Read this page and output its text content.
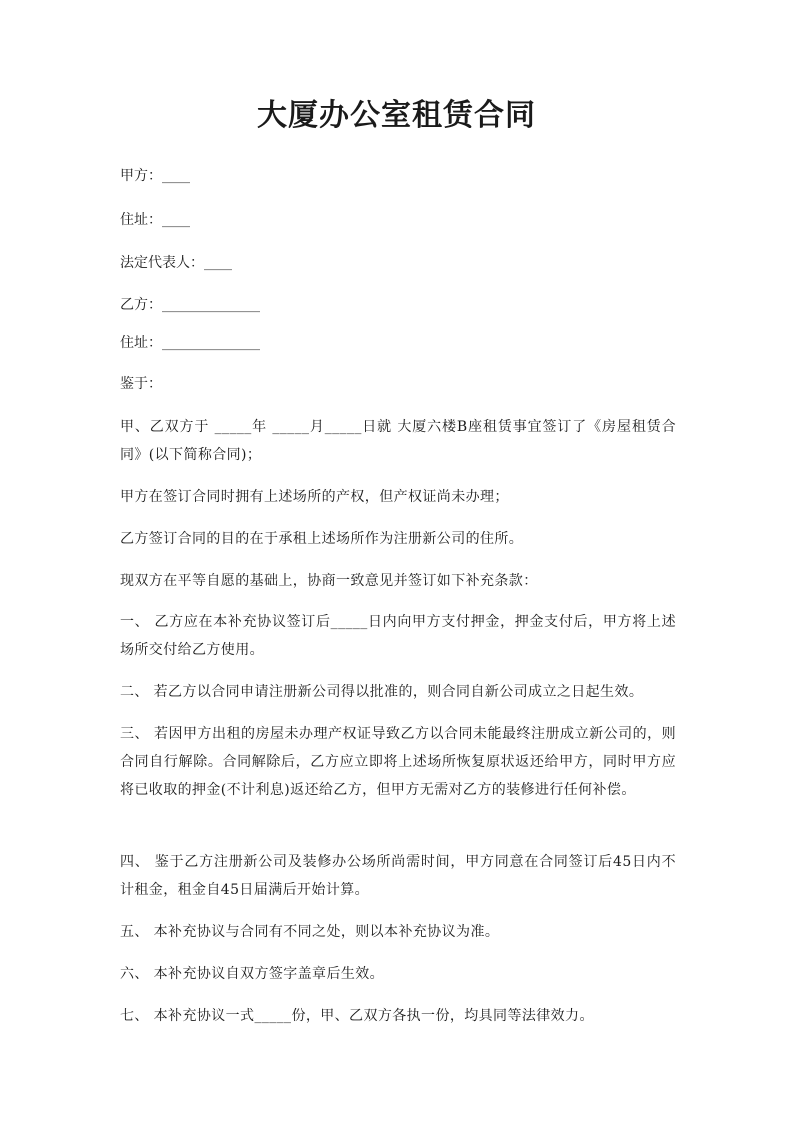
大厦办公室租赁合同

甲方：____

住址：____

法定代表人：____

乙方：______________

住址：______________

鉴于：

甲、乙双方于 _____年 _____月_____日就 大厦六楼B座租赁事宜签订了《房屋租赁合同》(以下简称合同)；

甲方在签订合同时拥有上述场所的产权，但产权证尚未办理；

乙方签订合同的目的在于承租上述场所作为注册新公司的住所。

现双方在平等自愿的基础上，协商一致意见并签订如下补充条款：

一、 乙方应在本补充协议签订后_____日内向甲方支付押金，押金支付后，甲方将上述场所交付给乙方使用。

二、 若乙方以合同申请注册新公司得以批准的，则合同自新公司成立之日起生效。

三、 若因甲方出租的房屋未办理产权证导致乙方以合同未能最终注册成立新公司的，则合同自行解除。合同解除后，乙方应立即将上述场所恢复原状返还给甲方，同时甲方应将已收取的押金(不计利息)返还给乙方，但甲方无需对乙方的装修进行任何补偿。

四、 鉴于乙方注册新公司及装修办公场所尚需时间，甲方同意在合同签订后45日内不计租金，租金自45日届满后开始计算。

五、 本补充协议与合同有不同之处，则以本补充协议为准。

六、 本补充协议自双方签字盖章后生效。

七、 本补充协议一式_____份，甲、乙双方各执一份，均具同等法律效力。
